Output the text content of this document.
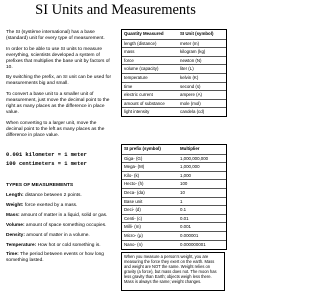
SI Units and Measurements

The SI (système international) has a base (standard) unit for every type of measurement.

In order to be able to use SI units to measure everything, scientists developed a system of prefixes that multiplies the base unit by factors of 10.

By switching the prefix, an SI unit can be used for measurements big and small.

To convert a base unit to a smaller unit of measurement, just move the decimal point to the right as many places as the difference in place value.

When converting to a larger unit, move the decimal point to the left as many places as the difference in place value.

0.001 kilometer = 1 meter
100 centimeters = 1 meter
TYPES OF MEASUREMENTS
Length: distance between 2 points.
Weight: force exerted by a mass.
Mass: amount of matter in a liquid, solid or gas.
Volume: amount of space something occupies.
Density: amount of matter in a volume.
Temperature: How hot or cold something is.
Time: The period between events or how long something lasted.
Quantity Measured	SI Unit (symbol)
length (distance)	meter (m)
mass	kilogram (kg)
force	newton (N)
volume (capacity)	liter (L)
temperature	kelvin (K)
time	second (s)
electric current	ampere (A)
amount of substance	mole (mol)
light intensity	candela (cd)
SI prefix (symbol)	Multiplier
Giga- (G)	1,000,000,000
Mega- (M)	1,000,000
Kilo- (k)	1,000
Hecto- (h)	100
Deca- (da)	10
Base unit	1
Deci- (d)	0.1
Centi- (c)	0.01
Milli- (m)	0.001
Micro- (μ)	0.000001
Nano- (n)	0.000000001
When you measure a person's weight, you are measuring the force they exert on the earth. Mass and weight are NOT the same. Weight relies on gravity (a force), but mass does not. The moon has less gravity than Earth; objects weigh less there. Mass is always the same; weight changes.
